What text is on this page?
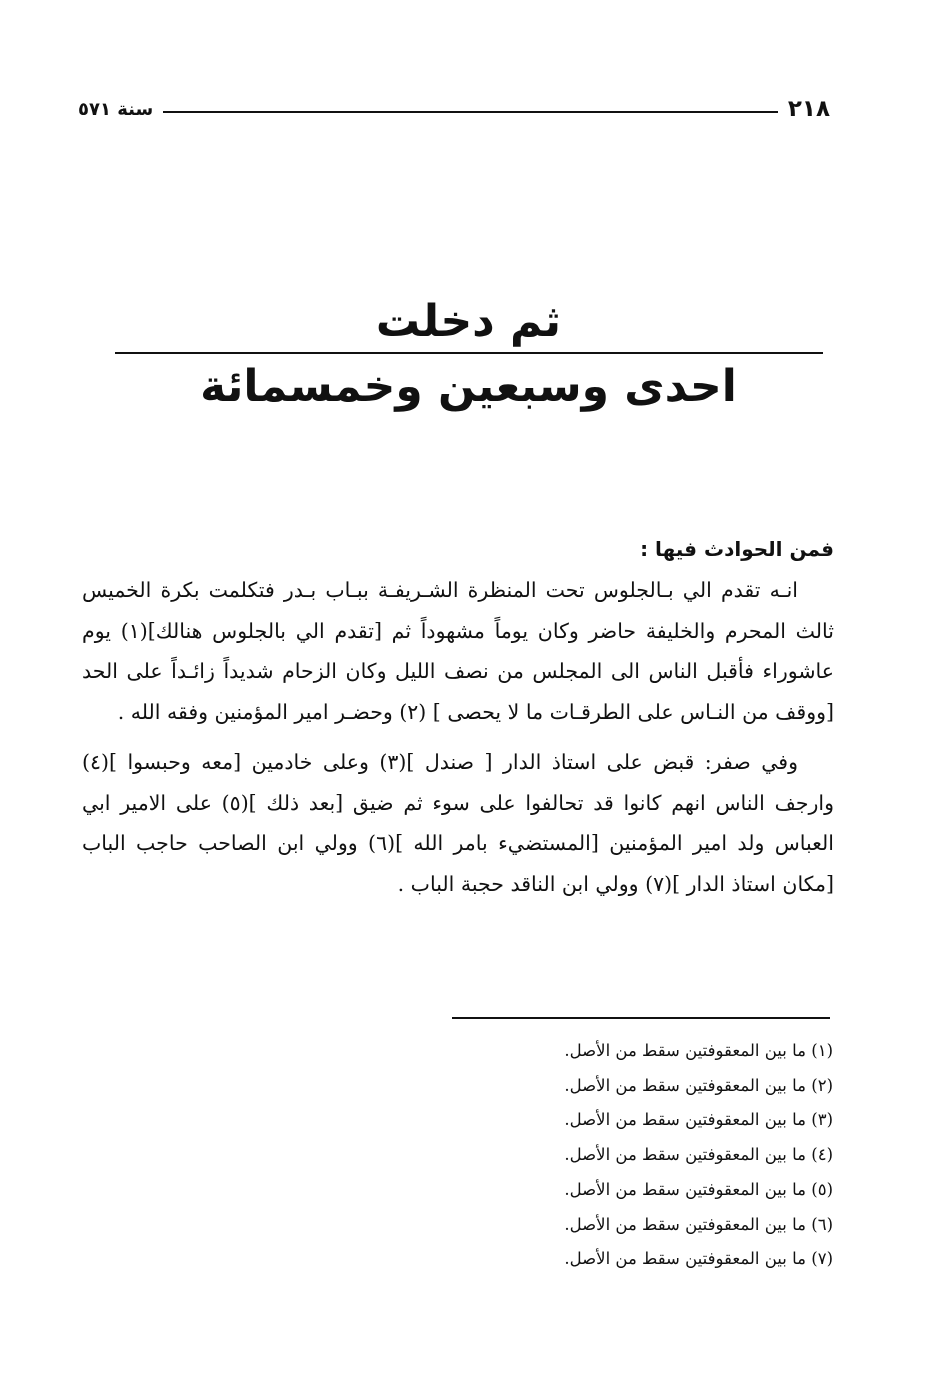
٢١٨
سنة ٥٧١
ثم دخلت
احدى وسبعين وخمسمائة

فمن الحوادث فيها :

انـه تقدم الي بـالجلوس تحت المنظرة الشـريفـة ببـاب بـدر فتكلمت بكرة الخميس ثالث المحرم والخليفة حاضر وكان يوماً مشهوداً ثم [تقدم الي بالجلوس هنالك](١) يوم عاشوراء فأقبل الناس الى المجلس من نصف الليل وكان الزحام شديداً زائـداً على الحد [ووقف من النـاس على الطرقـات ما لا يحصى ] (٢) وحضـر امير المؤمنين وفقه الله .

وفي صفر: قبض على استاذ الدار [ صندل ](٣) وعلى خادمين [معه وحبسوا ](٤) وارجف الناس انهم كانوا قد تحالفوا على سوء ثم ضيق [بعد ذلك ](٥) على الامير ابي العباس ولد امير المؤمنين [المستضيء بامر الله ](٦) وولي ابن الصاحب حاجب الباب [مكان استاذ الدار ](٧) وولي ابن الناقد حجبة الباب .

(١) ما بين المعقوفتين سقط من الأصل.
(٢) ما بين المعقوفتين سقط من الأصل.
(٣) ما بين المعقوفتين سقط من الأصل.
(٤) ما بين المعقوفتين سقط من الأصل.
(٥) ما بين المعقوفتين سقط من الأصل.
(٦) ما بين المعقوفتين سقط من الأصل.
(٧) ما بين المعقوفتين سقط من الأصل.
